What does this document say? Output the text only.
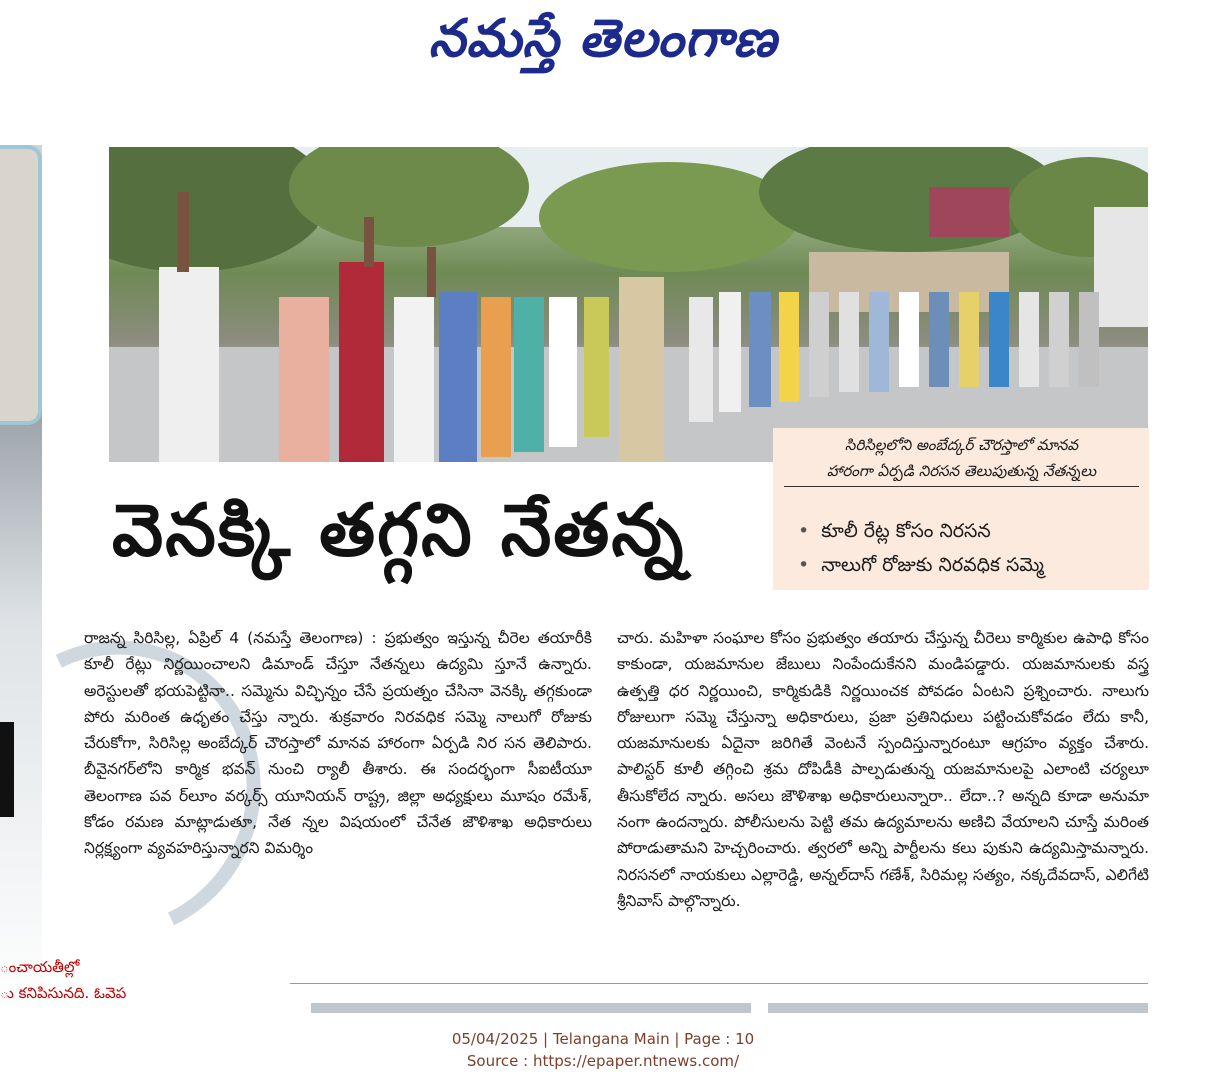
నమస్తే తెలంగాణ
ంచాయతీల్లో
ు కనిపిసునది. ఓవెప
సిరిసిల్లలోని అంబేద్కర్ చౌరస్తాలో మానవ
హారంగా ఏర్పడి నిరసన తెలుపుతున్న నేతన్నలు
• కూలీ రేట్ల కోసం నిరసన
• నాలుగో రోజుకు నిరవధిక సమ్మె
వెనక్కి తగ్గని నేతన్న
రాజన్న సిరిసిల్ల, ఏప్రిల్ 4 (నమస్తే తెలంగాణ) : ప్రభుత్వం ఇస్తున్న చీరెల తయారీకి కూలీ రేట్లు నిర్ణయించాలని డిమాండ్ చేస్తూ నేతన్నలు ఉద్యమి స్తూనే ఉన్నారు. అరెస్టులతో భయపెట్టినా.. సమ్మెను విచ్ఛిన్నం చేసే ప్రయత్నం చేసినా వెనక్కి తగ్గకుండా పోరు మరింత ఉధృతం చేస్తు న్నారు. శుక్రవారం నిరవధిక సమ్మె నాలుగో రోజుకు చేరుకోగా, సిరిసిల్ల అంబేద్కర్ చౌరస్తాలో మానవ హారంగా ఏర్పడి నిర సన తెలిపారు. బీవైనగర్‌లోని కార్మిక భవన్ నుంచి ర్యాలీ తీశారు. ఈ సందర్భంగా సీఐటీయూ తెలంగాణ పవ ర్‌లూం వర్కర్స్ యూనియన్ రాష్ట్ర, జిల్లా అధ్యక్షులు మూషం రమేశ్, కోడం రమణ మాట్లాడుతూ, నేత న్నల విషయంలో చేనేత జౌళిశాఖ అధికారులు నిర్లక్ష్యంగా వ్యవహరిస్తున్నారని విమర్శిం
చారు. మహిళా సంఘాల కోసం ప్రభుత్వం తయారు చేస్తున్న చీరెలు కార్మికుల ఉపాధి కోసం కాకుండా, యజమానుల జేబులు నింపేందుకేనని మండిపడ్డారు. యజమానులకు వస్త్ర ఉత్పత్తి ధర నిర్ణయించి, కార్మికుడికి నిర్ణయించక పోవడం ఏంటని ప్రశ్నించారు. నాలుగు రోజులుగా సమ్మె చేస్తున్నా అధికారులు, ప్రజా ప్రతినిధులు పట్టించుకోవడం లేదు కానీ, యజమానులకు ఏదైనా జరిగితే వెంటనే స్పందిస్తున్నారంటూ ఆగ్రహం వ్యక్తం చేశారు. పాలిస్టర్ కూలీ తగ్గించి శ్రమ దోపిడీకి పాల్పడుతున్న యజమానులపై ఎలాంటి చర్యలూ తీసుకోలేద న్నారు. అసలు జౌళిశాఖ అధికారులున్నారా.. లేదా..? అన్నది కూడా అనుమా నంగా ఉందన్నారు. పోలీసులను పెట్టి తమ ఉద్యమాలను అణిచి వేయాలని చూస్తే మరింత పోరాడుతామని హెచ్చరించారు. త్వరలో అన్ని పార్టీలను కలు పుకుని ఉద్యమిస్తామన్నారు. నిరసనలో నాయకులు ఎల్లారెడ్డి, అన్నల్‌దాస్ గణేశ్, సిరిమల్ల సత్యం, నక్కదేవదాస్, ఎలిగేటి శ్రీనివాస్ పాల్గొన్నారు.
05/04/2025 | Telangana Main | Page : 10
Source : https://epaper.ntnews.com/
